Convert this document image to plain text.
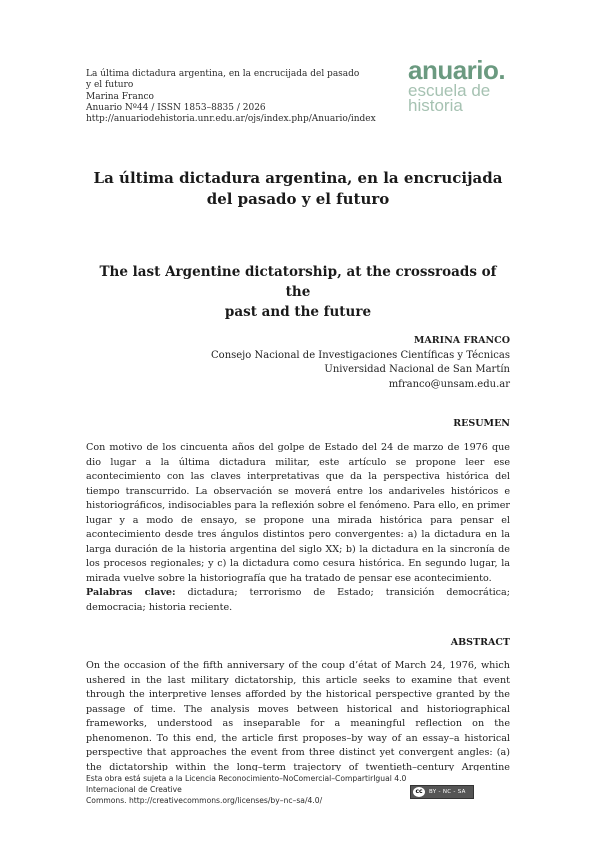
La última dictadura argentina, en la encrucijada del pasado
y el futuro
Marina Franco
Anuario Nº44 / ISSN 1853–8835 / 2026
http://anuariodehistoria.unr.edu.ar/ojs/index.php/Anuario/index
anuario.
escuela de
historia
La última dictadura argentina, en la encrucijada
del pasado y el futuro
The last Argentine dictatorship, at the crossroads of the
past and the future
MARINA FRANCO
Consejo Nacional de Investigaciones Científicas y Técnicas
Universidad Nacional de San Martín
mfranco@unsam.edu.ar
RESUMEN
Con motivo de los cincuenta años del golpe de Estado del 24 de marzo de 1976 que dio lugar a la última dictadura militar, este artículo se propone leer ese acontecimiento con las claves interpretativas que da la perspectiva histórica del tiempo transcurrido. La observación se moverá entre los andariveles históricos e historiográficos, indisociables para la reflexión sobre el fenómeno. Para ello, en primer lugar y a modo de ensayo, se propone una mirada histórica para pensar el acontecimiento desde tres ángulos distintos pero convergentes: a) la dictadura en la larga duración de la historia argentina del siglo XX; b) la dictadura en la sincronía de los procesos regionales; y c) la dictadura como cesura histórica. En segundo lugar, la mirada vuelve sobre la historiografía que ha tratado de pensar ese acontecimiento.
Palabras clave: dictadura; terrorismo de Estado; transición democrática; democracia; historia reciente.
ABSTRACT
On the occasion of the fifth anniversary of the coup d’état of March 24, 1976, which ushered in the last military dictatorship, this article seeks to examine that event through the interpretive lenses afforded by the historical perspective granted by the passage of time. The analysis moves between historical and historiographical frameworks, understood as inseparable for a meaningful reflection on the phenomenon. To this end, the article first proposes–by way of an essay–a historical perspective that approaches the event from three distinct yet convergent angles: (a) the dictatorship within the long–term trajectory of twentieth–century Argentine
Esta obra está sujeta a la Licencia Reconocimiento–NoComercial–CompartirIgual 4.0 Internacional de Creative
Commons. http://creativecommons.org/licenses/by–nc–sa/4.0/
cc	BY - NC - SA
